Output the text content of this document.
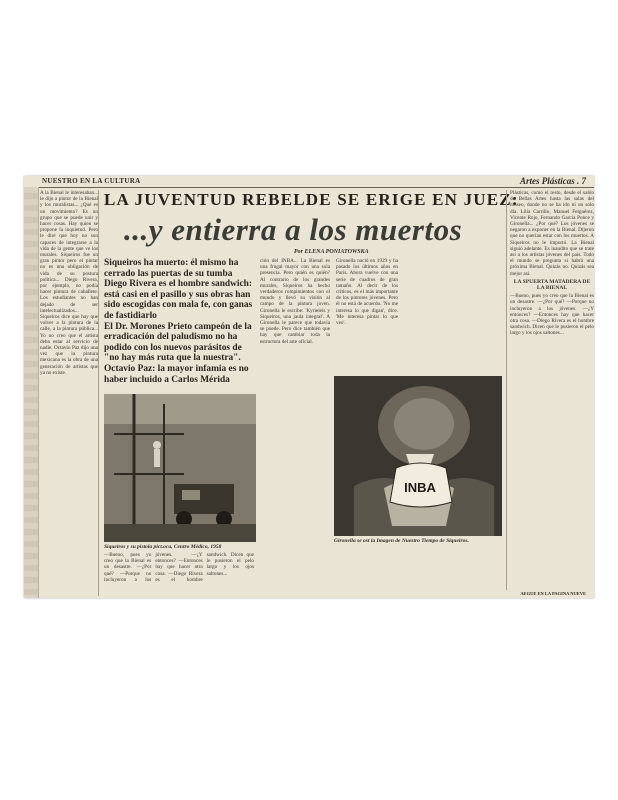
NUESTRO EN LA CULTURA	Artes Plásticas . 7
A la Bienal le interesaban... le dijo a pintor de la Bienal y los muralistas... ¿Qué es un movimiento? Es un grupo que se puede unir y hacer cosas. Hay quien se propone la inquietud. Pero le diré que hoy no son capaces de integrarse a la vida de la gente que ve los murales. Siqueiros fue un gran pintor pero el pintar no es una obligación de vida de su postura política... Diego Rivera, por ejemplo, no podía hacer pintura de caballete. Los estudiantes no han dejado de ser intelectualizados... Siqueiros dice que hay que volver a la pintura de la calle, a la pintura pública... Yo no creo que el artista deba estar al servicio de nadie. Octavio Paz dijo una vez que la pintura mexicana es la obra de una generación de artistas que ya no existe.
LA JUVENTUD REBELDE SE ERIGE EN JUEZ:
...y entierra a los muertos
Por ELENA PONIATOWSKA

Siqueiros ha muerto: él mismo ha cerrado las puertas de su tumba

Diego Rivera es el hombre sandwich: está casi en el pasillo y sus obras han sido escogidas con mala fe, con ganas de fastidiarlo

El Dr. Morones Prieto campeón de la erradicación del paludismo no ha podido con los nuevos parásitos de "no hay más ruta que la nuestra".

Octavio Paz: la mayor infamia es no haber incluido a Carlos Mérida

Siqueiros y su pistola pict.oca, Centro Médico, 1958
—Bueno, pues yo creo que la Bienal es un desastre. —¿Por qué? —Porque no incluyeron a los jóvenes. —¿Y entonces? —Entonces hay que hacer otra cosa. —Diego Rivera es el hombre sandwich. Dicen que le pusieron el pelo largo y los ojos saltones...
ción del INBA... La Bienal es una frugal mayor con una sola presencia. Pero quién es quién? Al contrario de los grandes murales, Siqueiros ha hecho verdaderos rompimientos con el mundo y llevó su visión al campo de la pintura joven. Gironella le escribe: 'Kyrieleis y Siqueiros, una jaula integral'. A Gironella le parece que todavía se puede. Pero dice también que hay que cambiar toda la estructura del arte oficial.
Gironella nació en 1929 y ha pasado los últimos años en París. Ahora vuelve con una serie de cuadros de gran tamaño. Al decir de los críticos, es el más importante de los pintores jóvenes. Pero él no está de acuerdo. 'No me interesa lo que digan', dice. 'Me interesa pintar lo que veo'.
INBA
Gironella se ost la Imagen de Nuestro Tiempo de Siqueiros.
Plásticas, como el resto, desde el salón de Bellas Artes hasta las salas del museo, donde no se ha ido ni un solo día. Lilia Carrillo, Manuel Felguérez, Vicente Rojo, Fernando García Ponce y Gironella... ¿Por qué? Los jóvenes se negaron a exponer en la Bienal. Dijeron que no querían estar con los muertos. A Siqueiros no le importó. La Bienal siguió adelante. Es inaudito que se trate así a los artistas jóvenes del país. Todo el mundo se pregunta si habrá una próxima Bienal. Quizás no. Quizás sea mejor así.
LA SPUERTA MATADERA DE LA BIENAL
—Bueno, pues yo creo que la Bienal es un desastre. —¿Por qué? —Porque no incluyeron a los jóvenes. —¿Y entonces? —Entonces hay que hacer otra cosa. —Diego Rivera es el hombre sandwich. Dicen que le pusieron el pelo largo y los ojos saltones...
AEGUE EN LA PAGINA NUEVE
